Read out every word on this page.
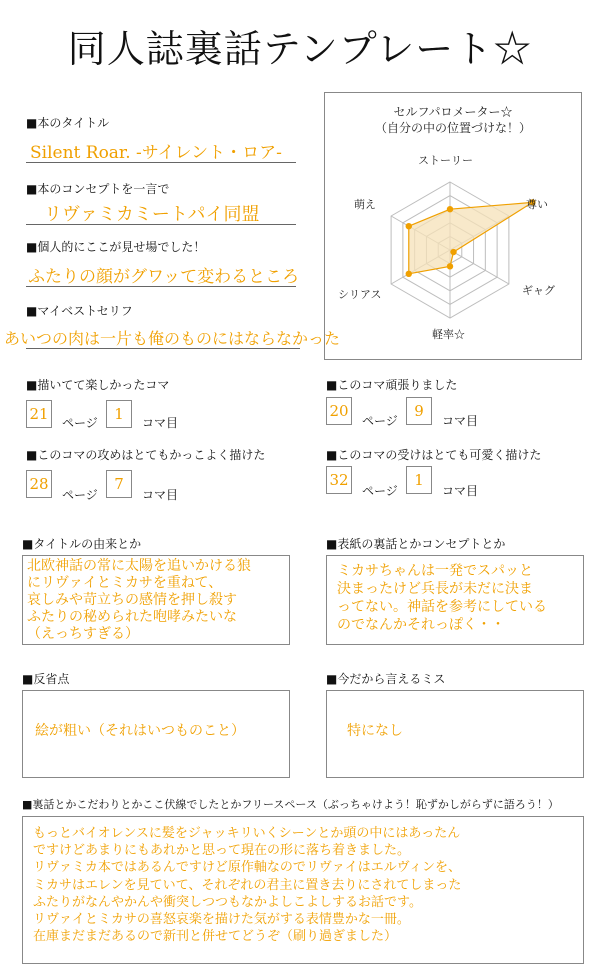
同人誌裏話テンプレート☆
■本のタイトル
Silent Roar. -サイレント・ロア-
■本のコンセプトを一言で
リヴァミカミートパイ同盟
■個人的にここが見せ場でした！
ふたりの顔がグワッて変わるところ
■マイベストセリフ
あいつの肉は一片も俺のものにはならなかった
セルフパロメーター☆
（自分の中の位置づけな！）
ストーリー
尊い
ギャグ
軽率☆
シリアス
萌え
■描いてて楽しかったコマ
21 ページ	1	コマ目
■このコマ頑張りました
20
ページ
9
コマ目
■このコマの攻めはとてもかっこよく描けた
28
ページ
7
コマ目
■このコマの受けはとても可愛く描けた
32
ページ
1
コマ目
■タイトルの由来とか
北欧神話の常に太陽を追いかける狼
にリヴァイとミカサを重ねて、
哀しみや苛立ちの感情を押し殺す
ふたりの秘められた咆哮みたいな
（えっちすぎる）
■表紙の裏話とかコンセプトとか
ミカサちゃんは一発でスパッと
決まったけど兵長が未だに決ま
ってない。神話を参考にしている
のでなんかそれっぽく・・
■反省点
絵が粗い（それはいつものこと）
■今だから言えるミス
特になし
■裏話とかこだわりとかここ伏線でしたとかフリースペース（ぶっちゃけよう！恥ずかしがらずに語ろう！）
もっとバイオレンスに髪をジャッキリいくシーンとか頭の中にはあったん
ですけどあまりにもあれかと思って現在の形に落ち着きました。
リヴァミカ本ではあるんですけど原作軸なのでリヴァイはエルヴィンを、
ミカサはエレンを見ていて、それぞれの君主に置き去りにされてしまった
ふたりがなんやかんや衝突しつつもなかよしこよしするお話です。
リヴァイとミカサの喜怒哀楽を描けた気がする表情豊かな一冊。
在庫まだまだあるので新刊と併せてどうぞ（刷り過ぎました）
